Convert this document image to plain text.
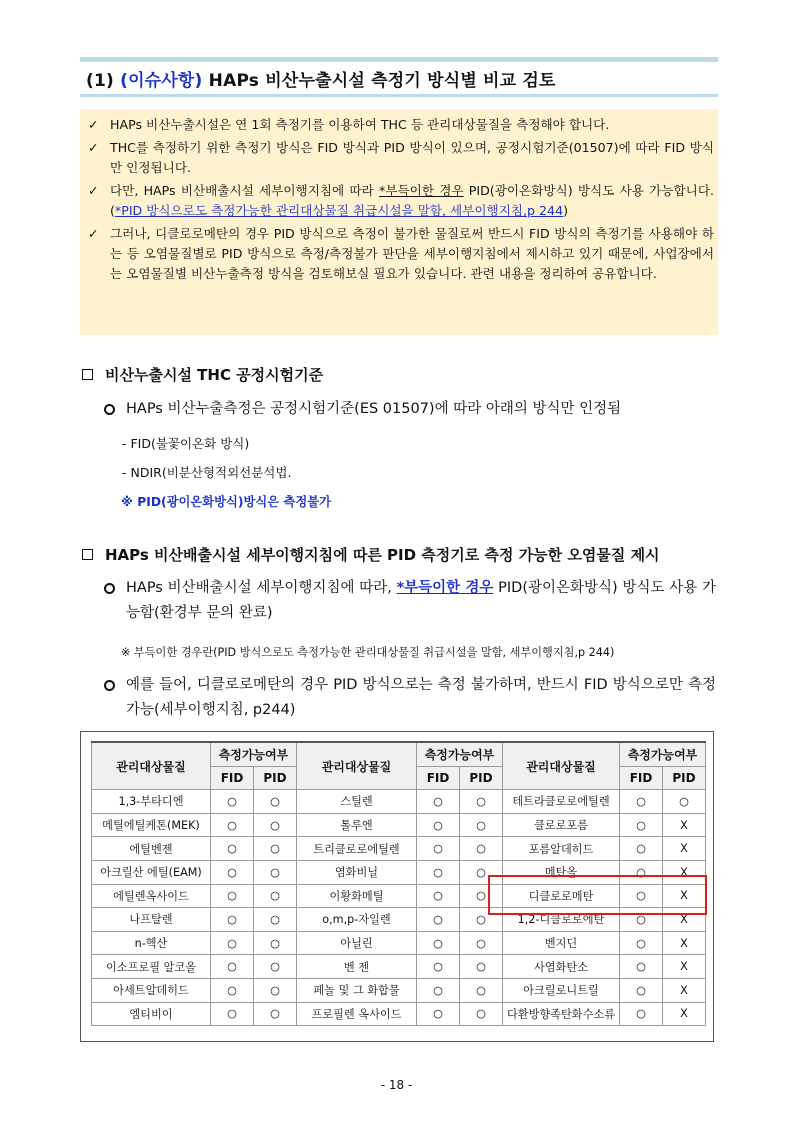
(1) (이슈사항) HAPs 비산누출시설 측정기 방식별 비교 검토
✓ HAPs 비산누출시설은 연 1회 측정기를 이용하여 THC 등 관리대상물질을 측정해야 합니다.
✓ THC를 측정하기 위한 측정기 방식은 FID 방식과 PID 방식이 있으며, 공정시험기준(01507)에 따라 FID 방식만 인정됩니다.
✓ 다만, HAPs 비산배출시설 세부이행지침에 따라 *부득이한 경우 PID(광이온화방식) 방식도 사용 가능합니다. (*PID 방식으로도 측정가능한 관리대상물질 취급시설을 말함, 세부이행지침,p 244)
✓ 그러나, 디클로로메탄의 경우 PID 방식으로 측정이 불가한 물질로써 반드시 FID 방식의 측정기를 사용해야 하는 등 오염물질별로 PID 방식으로 측정/측정불가 판단을 세부이행지침에서 제시하고 있기 때문에, 사업장에서는 오염물질별 비산누출측정 방식을 검토해보실 필요가 있습니다. 관련 내용을 정리하여 공유합니다.
비산누출시설 THC 공정시험기준
HAPs 비산누출측정은 공정시험기준(ES 01507)에 따라 아래의 방식만 인정됨
- FID(불꽃이온화 방식)
- NDIR(비분산형적외선분석법.
※ PID(광이온화방식)방식은 측정불가
HAPs 비산배출시설 세부이행지침에 따른 PID 측정기로 측정 가능한 오염물질 제시
HAPs 비산배출시설 세부이행지침에 따라, *부득이한 경우 PID(광이온화방식) 방식도 사용 가능함(환경부 문의 완료)
※ 부득이한 경우란(PID 방식으로도 측정가능한 관리대상물질 취급시설을 말함, 세부이행지침,p 244)
예를 들어, 디클로로메탄의 경우 PID 방식으로는 측정 불가하며, 반드시 FID 방식으로만 측정 가능(세부이행지침, p244)
관리대상물질	측정가능여부		관리대상물질	측정가능여부		관리대상물질	측정가능여부	
	FID	PID		FID	PID		FID	PID
1,3-부타디엔	○	○	스틸렌	○	○	테트라클로로에틸렌	○	○
메틸에틸케톤(MEK)	○	○	톨루엔	○	○	클로로포름	○	X
에틸벤젠	○	○	트리클로로에틸렌	○	○	포름알데히드	○	X
아크릴산 에틸(EAM)	○	○	염화비닐	○	○	메탄올	○	X
에틸렌옥사이드	○	○	이황화메틸	○	○	디클로로메탄	○	X
나프탈렌	○	○	o,m,p-자일렌	○	○	1,2-디클로로에탄	○	X
n-헥산	○	○	아닐린	○	○	벤지딘	○	X
이소프로필 알코올	○	○	벤 젠	○	○	사염화탄소	○	X
아세트알데히드	○	○	페놀 및 그 화합물	○	○	아크릴로니트릴	○	X
엠티비이	○	○	프로필렌 옥사이드	○	○	다환방향족탄화수소류	○	X
- 18 -
